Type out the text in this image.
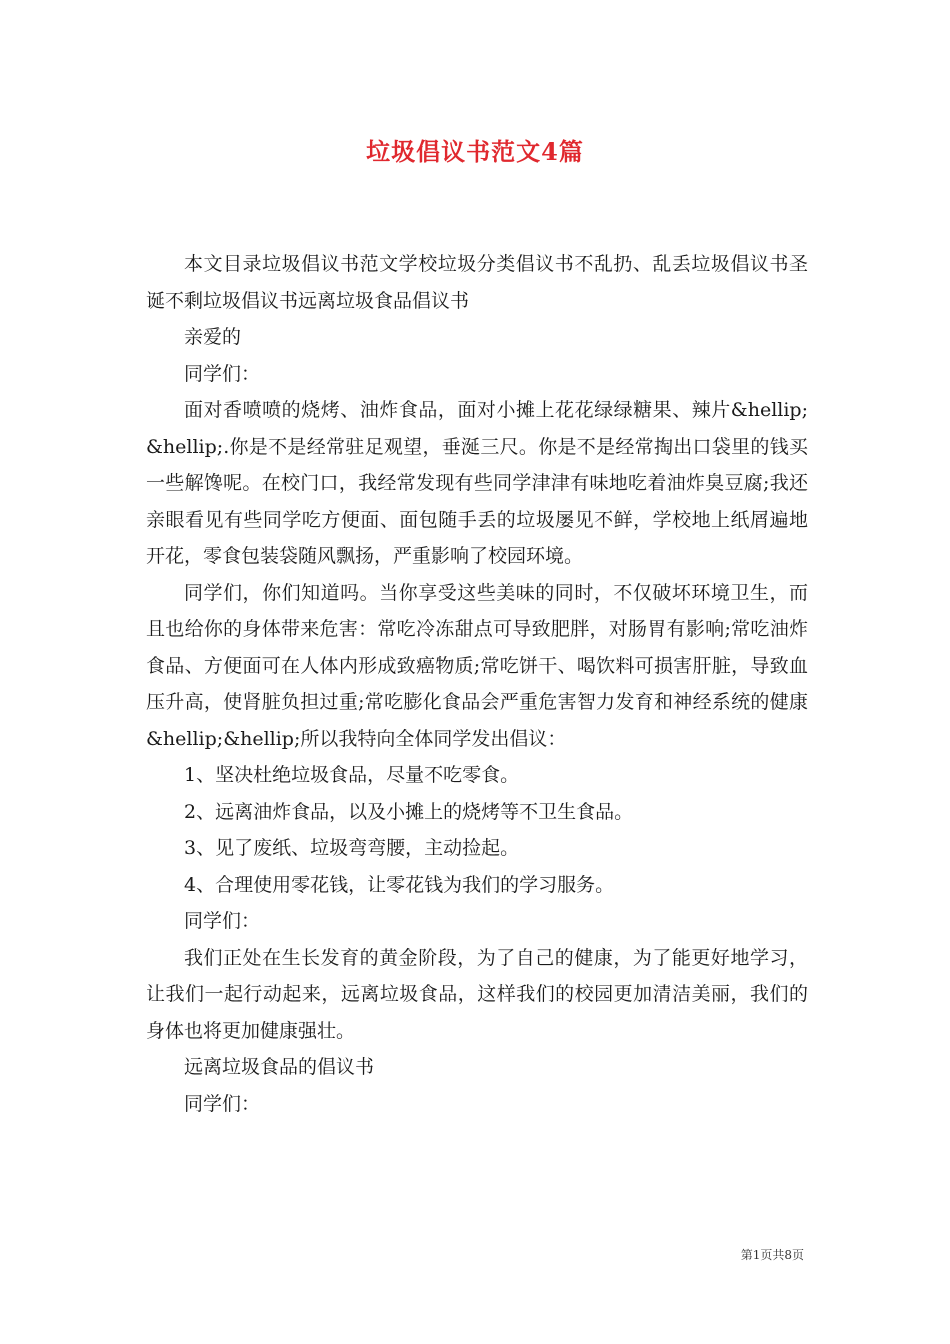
垃圾倡议书范文4篇

本文目录垃圾倡议书范文学校垃圾分类倡议书不乱扔、乱丢垃圾倡议书圣诞不剩垃圾倡议书远离垃圾食品倡议书

亲爱的

同学们：

面对香喷喷的烧烤、油炸食品，面对小摊上花花绿绿糖果、辣片&hellip;&hellip;.你是不是经常驻足观望，垂涎三尺。你是不是经常掏出口袋里的钱买一些解馋呢。在校门口，我经常发现有些同学津津有味地吃着油炸臭豆腐;我还亲眼看见有些同学吃方便面、面包随手丢的垃圾屡见不鲜，学校地上纸屑遍地开花，零食包装袋随风飘扬，严重影响了校园环境。

同学们，你们知道吗。当你享受这些美味的同时，不仅破坏环境卫生，而且也给你的身体带来危害：常吃冷冻甜点可导致肥胖，对肠胃有影响;常吃油炸食品、方便面可在人体内形成致癌物质;常吃饼干、喝饮料可损害肝脏，导致血压升高，使肾脏负担过重;常吃膨化食品会严重危害智力发育和神经系统的健康&hellip;&hellip;所以我特向全体同学发出倡议：

1、坚决杜绝垃圾食品，尽量不吃零食。

2、远离油炸食品，以及小摊上的烧烤等不卫生食品。

3、见了废纸、垃圾弯弯腰，主动捡起。

4、合理使用零花钱，让零花钱为我们的学习服务。

同学们：

我们正处在生长发育的黄金阶段，为了自己的健康，为了能更好地学习，让我们一起行动起来，远离垃圾食品，这样我们的校园更加清洁美丽，我们的身体也将更加健康强壮。

远离垃圾食品的倡议书

同学们：

第1页共8页
